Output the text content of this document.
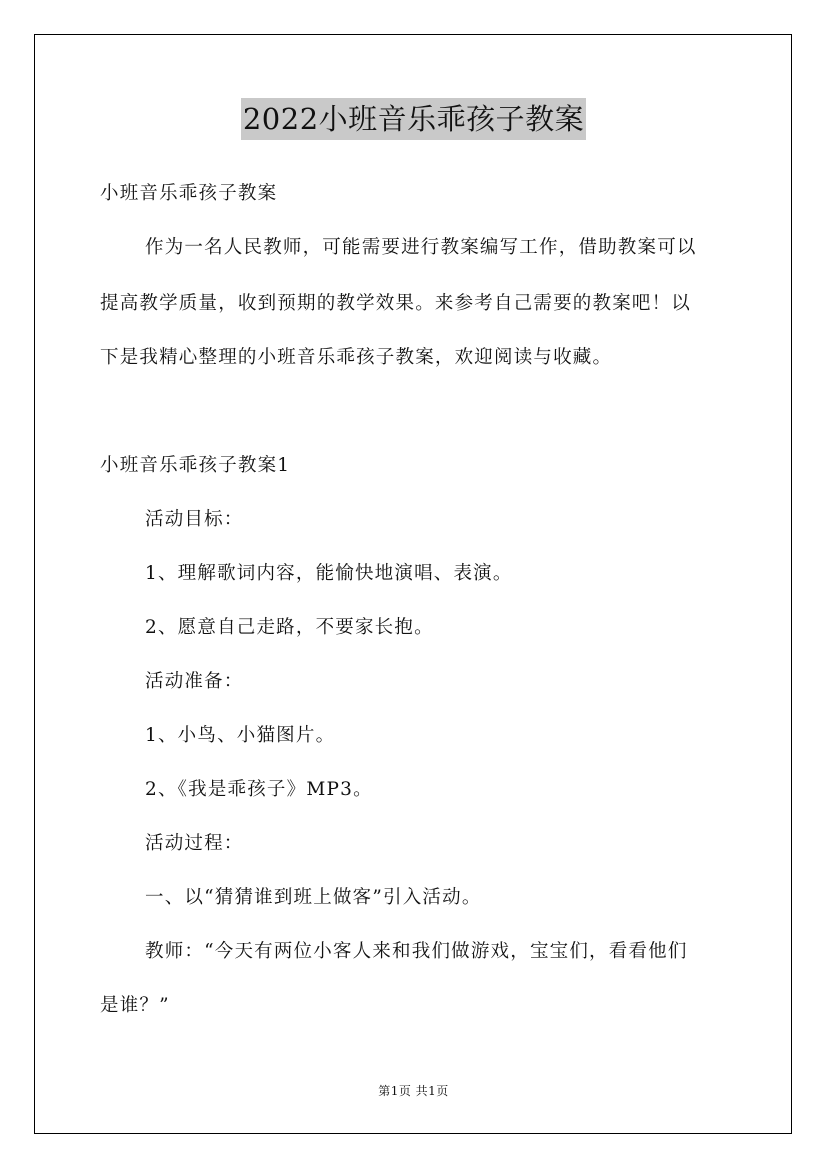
2022小班音乐乖孩子教案
小班音乐乖孩子教案
作为一名人民教师，可能需要进行教案编写工作，借助教案可以
提高教学质量，收到预期的教学效果。来参考自己需要的教案吧！以
下是我精心整理的小班音乐乖孩子教案，欢迎阅读与收藏。
小班音乐乖孩子教案1
活动目标：
1、理解歌词内容，能愉快地演唱、表演。
2、愿意自己走路，不要家长抱。
活动准备：
1、小鸟、小猫图片。
2、《我是乖孩子》MP3。
活动过程：
一、以“猜猜谁到班上做客”引入活动。
教师：“今天有两位小客人来和我们做游戏，宝宝们，看看他们
是谁？”
第1页 共1页
